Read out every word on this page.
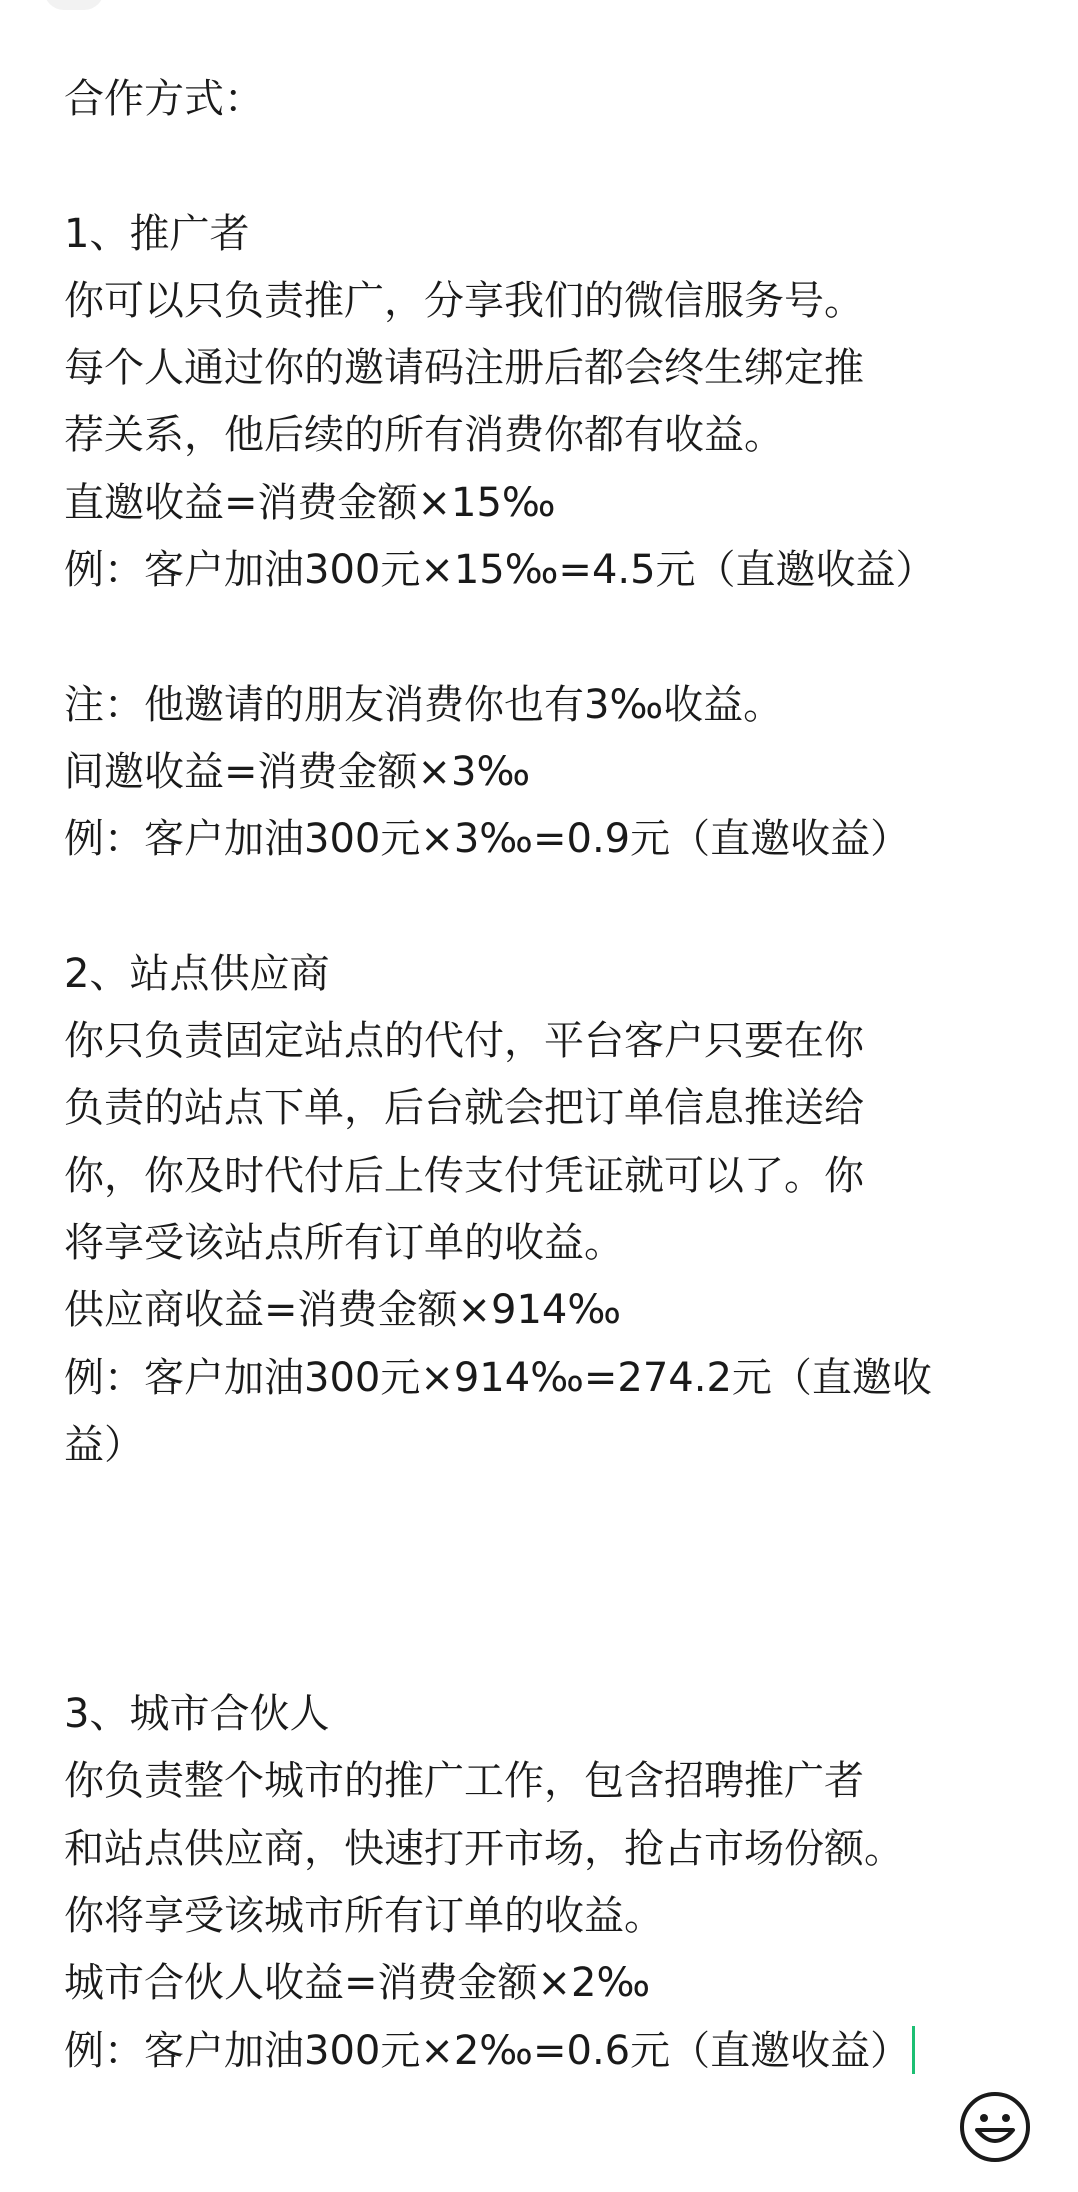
合作方式：
1、推广者
你可以只负责推广，分享我们的微信服务号。
每个人通过你的邀请码注册后都会终生绑定推
荐关系，他后续的所有消费你都有收益。
直邀收益=消费金额×15‰
例：客户加油300元×15‰=4.5元（直邀收益）
注：他邀请的朋友消费你也有3‰收益。
间邀收益=消费金额×3‰
例：客户加油300元×3‰=0.9元（直邀收益）
2、站点供应商
你只负责固定站点的代付，平台客户只要在你
负责的站点下单，后台就会把订单信息推送给
你，你及时代付后上传支付凭证就可以了。你
将享受该站点所有订单的收益。
供应商收益=消费金额×914‰
例：客户加油300元×914‰=274.2元（直邀收
益）
3、城市合伙人
你负责整个城市的推广工作，包含招聘推广者
和站点供应商，快速打开市场，抢占市场份额。
你将享受该城市所有订单的收益。
城市合伙人收益=消费金额×2‰
例：客户加油300元×2‰=0.6元（直邀收益）
